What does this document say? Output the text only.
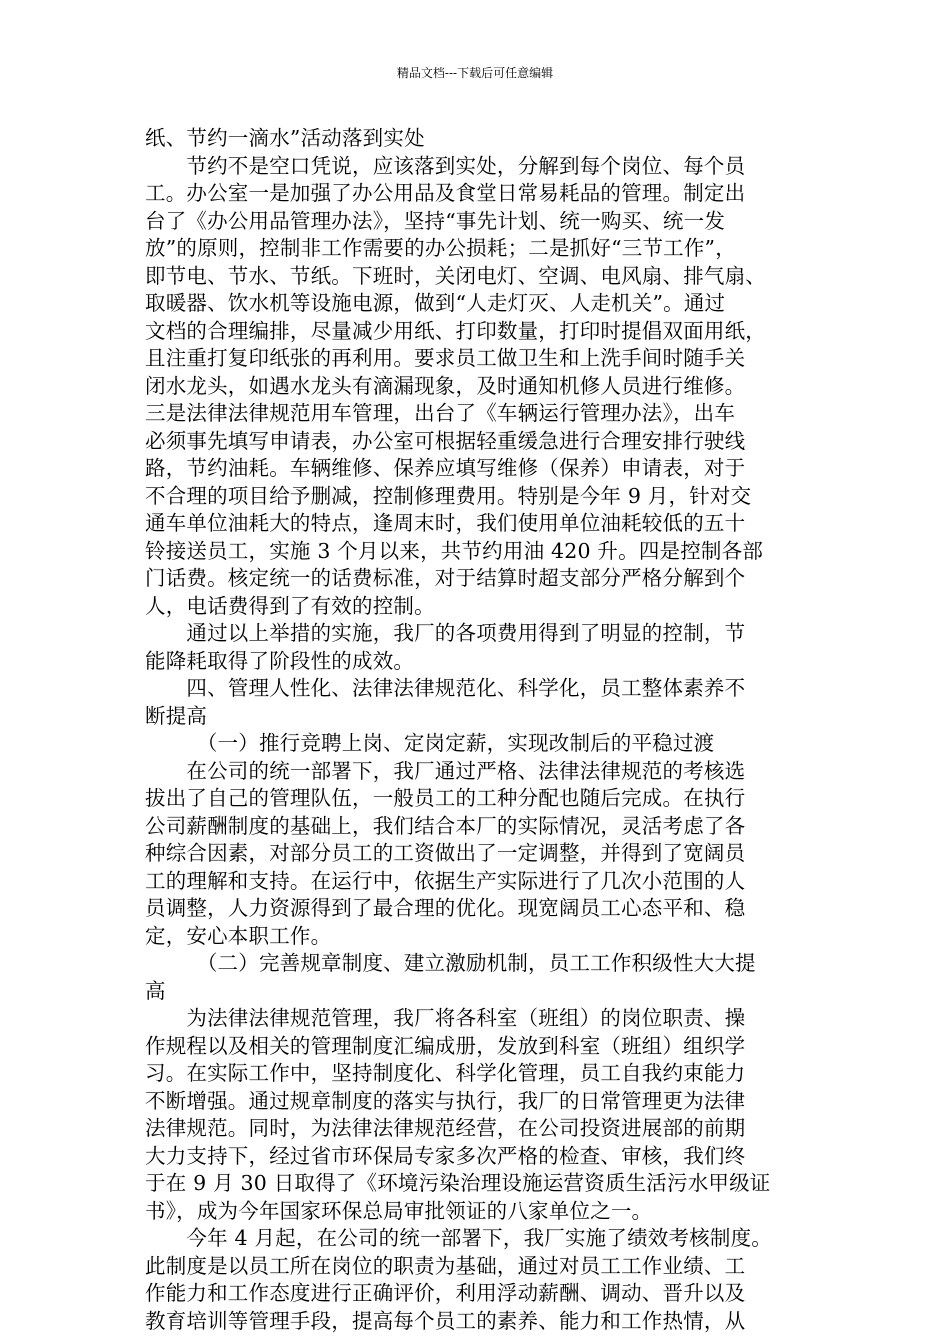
精品文档---下载后可任意编辑
纸、节约一滴水”活动落到实处
　　节约不是空口凭说，应该落到实处，分解到每个岗位、每个员
工。办公室一是加强了办公用品及食堂日常易耗品的管理。制定出
台了《办公用品管理办法》，坚持“事先计划、统一购买、统一发
放”的原则，控制非工作需要的办公损耗；二是抓好“三节工作”，
即节电、节水、节纸。下班时，关闭电灯、空调、电风扇、排气扇、
取暖器、饮水机等设施电源，做到“人走灯灭、人走机关”。通过
文档的合理编排，尽量减少用纸、打印数量，打印时提倡双面用纸，
且注重打复印纸张的再利用。要求员工做卫生和上洗手间时随手关
闭水龙头，如遇水龙头有滴漏现象，及时通知机修人员进行维修。
三是法律法律规范用车管理，出台了《车辆运行管理办法》，出车
必须事先填写申请表，办公室可根据轻重缓急进行合理安排行驶线
路，节约油耗。车辆维修、保养应填写维修（保养）申请表，对于
不合理的项目给予删减，控制修理费用。特别是今年 9 月，针对交
通车单位油耗大的特点，逢周末时，我们使用单位油耗较低的五十
铃接送员工，实施 3 个月以来，共节约用油 420 升。四是控制各部
门话费。核定统一的话费标准，对于结算时超支部分严格分解到个
人，电话费得到了有效的控制。
　　通过以上举措的实施，我厂的各项费用得到了明显的控制，节
能降耗取得了阶段性的成效。
　　四、管理人性化、法律法律规范化、科学化，员工整体素养不
断提高
　　　（一）推行竞聘上岗、定岗定薪，实现改制后的平稳过渡
　　在公司的统一部署下，我厂通过严格、法律法律规范的考核选
拔出了自己的管理队伍，一般员工的工种分配也随后完成。在执行
公司薪酬制度的基础上，我们结合本厂的实际情况，灵活考虑了各
种综合因素，对部分员工的工资做出了一定调整，并得到了宽阔员
工的理解和支持。在运行中，依据生产实际进行了几次小范围的人
员调整，人力资源得到了最合理的优化。现宽阔员工心态平和、稳
定，安心本职工作。
　　　（二）完善规章制度、建立激励机制，员工工作积级性大大提
高
　　为法律法律规范管理，我厂将各科室（班组）的岗位职责、操
作规程以及相关的管理制度汇编成册，发放到科室（班组）组织学
习。在实际工作中，坚持制度化、科学化管理，员工自我约束能力
不断增强。通过规章制度的落实与执行，我厂的日常管理更为法律
法律规范。同时，为法律法律规范经营，在公司投资进展部的前期
大力支持下，经过省市环保局专家多次严格的检查、审核，我们终
于在 9 月 30 日取得了《环境污染治理设施运营资质生活污水甲级证
书》，成为今年国家环保总局审批领证的八家单位之一。
　　今年 4 月起，在公司的统一部署下，我厂实施了绩效考核制度。
此制度是以员工所在岗位的职责为基础，通过对员工工作业绩、工
作能力和工作态度进行正确评价，利用浮动薪酬、调动、晋升以及
教育培训等管理手段，提高每个员工的素养、能力和工作热情，从
